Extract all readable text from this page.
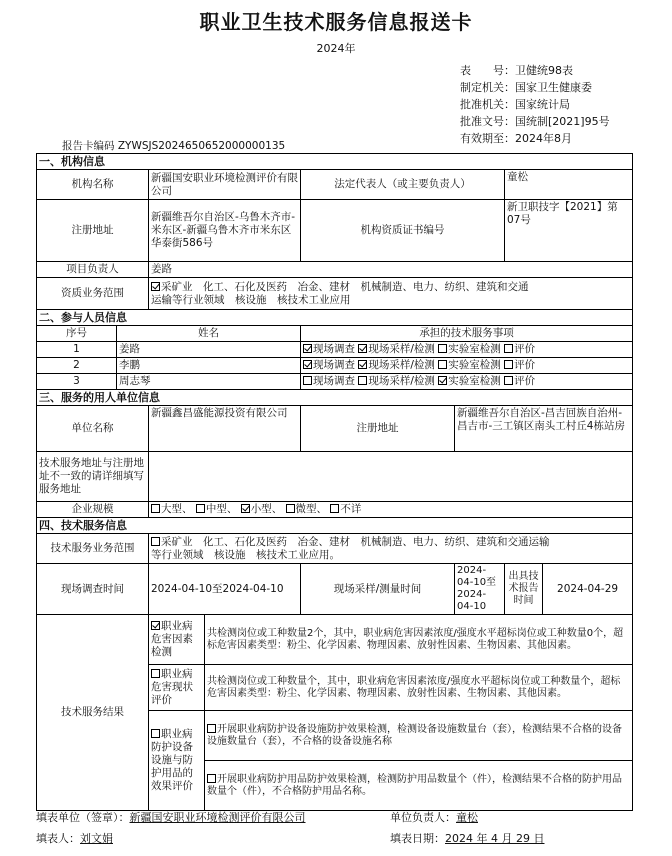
职业卫生技术服务信息报送卡
2024年
表　　号：卫健统98表
制定机关：国家卫生健康委
批准机关：国家统计局
批准文号：国统制[2021]95号
有效期至：2024年8月
报告卡编码 ZYWSJS2024650652000000135
一、机构信息							
机构名称		新疆国安职业环境检测评价有限公司		法定代表人（或主要负责人）		童松	
注册地址		新疆维吾尔自治区-乌鲁木齐市-米东区-新疆乌鲁木齐市米东区华泰街586号		机构资质证书编号		新卫职技字【2021】第07号	
项目负责人		姜路					
资质业务范围		采矿业　化工、石化及医药　冶金、建材　机械制造、电力、纺织、建筑和交通
运输等行业领域　核设施　核技术工业应用					
二、参与人员信息							
序号	姓名			承担的技术服务事项			
1	姜路			现场调查 现场采样/检测 实验室检测 评价			
2	李鹏			现场调查 现场采样/检测 实验室检测 评价			
3	周志琴			现场调查 现场采样/检测 实验室检测 评价			
三、服务的用人单位信息							
单位名称		新疆鑫昌盛能源投资有限公司		注册地址	新疆维吾尔自治区-昌吉回族自治州-昌吉市-三工镇区南头工村丘4栋站房		
技术服务地址与注册地址不一致的请详细填写服务地址							
企业规模		大型、 中型、 小型、 微型、 不详					
四、技术服务信息							
技术服务业务范围		采矿业　化工、石化及医药　冶金、建材　机械制造、电力、纺织、建筑和交通运输
等行业领域　核设施　核技术工业应用。					
现场调查时间		2024-04-10至2024-04-10		现场采样/测量时间	2024-04-10至2024-04-10	出具技术报告时间	2024-04-29
技术服务结果		职业病危害因素检测	共检测岗位或工种数量2个，其中，职业病危害因素浓度/强度水平超标岗位或工种数量0个，超标危害因素类型：粉尘、化学因素、物理因素、放射性因素、生物因素、其他因素。				
		职业病危害现状评价	共检测岗位或工种数量个，其中，职业病危害因素浓度/强度水平超标岗位或工种数量个，超标危害因素类型：粉尘、化学因素、物理因素、放射性因素、生物因素、其他因素。				
		职业病防护设备设施与防护用品的效果评价	开展职业病防护设备设施防护效果检测，检测设备设施数量台（套），检测结果不合格的设备设施数量台（套），不合格的设备设施名称				
			开展职业病防护用品防护效果检测，检测防护用品数量个（件），检测结果不合格的防护用品数量个（件），不合格防护用品名称。				
填表单位（签章）：新疆国安职业环境检测评价有限公司	单位负责人：童松
填表人：刘文娟	填表日期：2024 年 4 月 29 日
